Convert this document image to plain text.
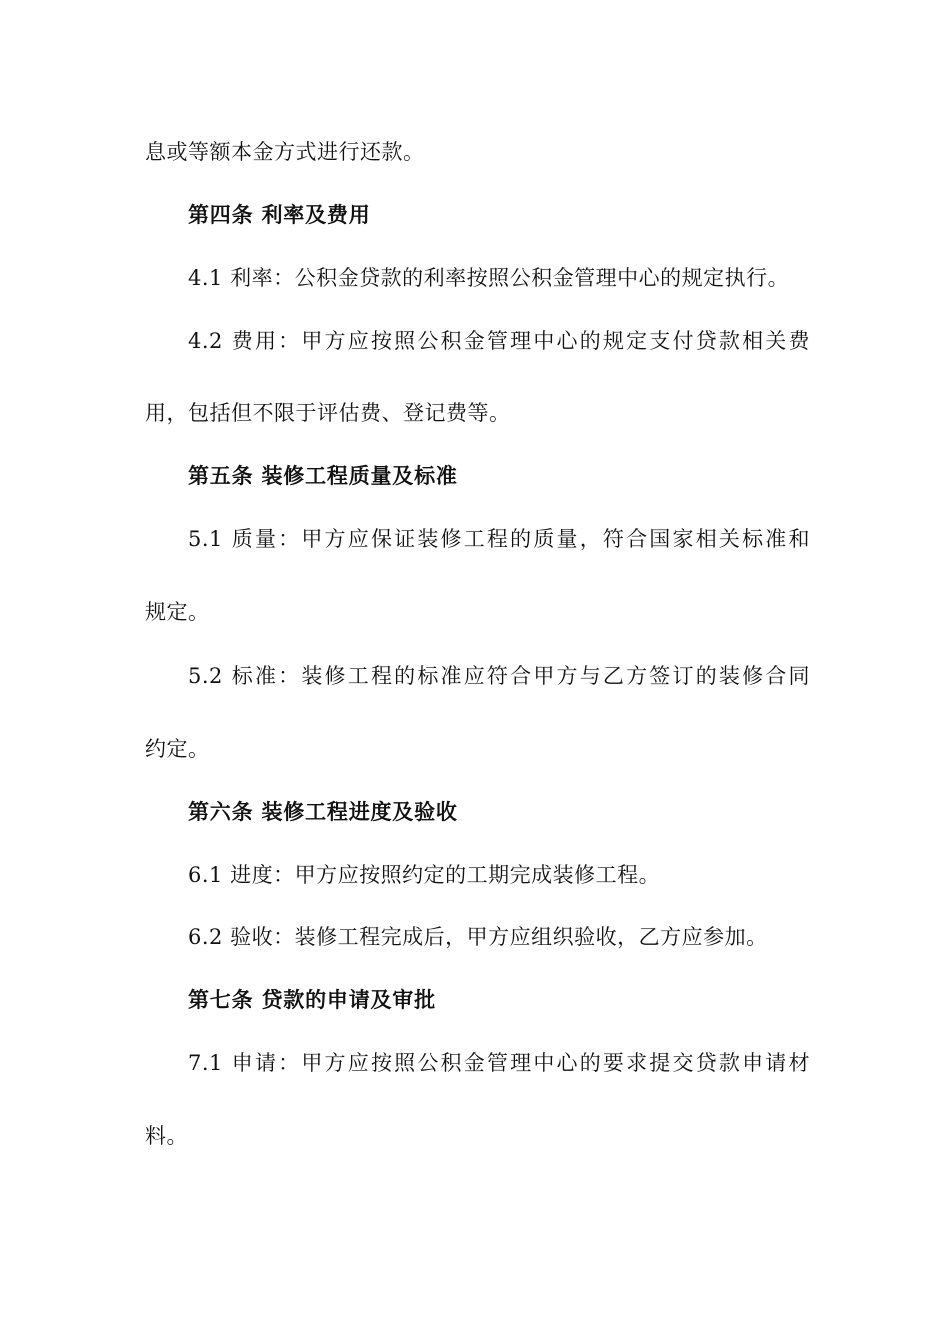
息或等额本金方式进行还款。
第四条 利率及费用
4.1 利率：公积金贷款的利率按照公积金管理中心的规定执行。
4.2 费用：甲方应按照公积金管理中心的规定支付贷款相关费
用，包括但不限于评估费、登记费等。
第五条 装修工程质量及标准
5.1 质量：甲方应保证装修工程的质量，符合国家相关标准和
规定。
5.2 标准：装修工程的标准应符合甲方与乙方签订的装修合同
约定。
第六条 装修工程进度及验收
6.1 进度：甲方应按照约定的工期完成装修工程。
6.2 验收：装修工程完成后，甲方应组织验收，乙方应参加。
第七条 贷款的申请及审批
7.1 申请：甲方应按照公积金管理中心的要求提交贷款申请材
料。
